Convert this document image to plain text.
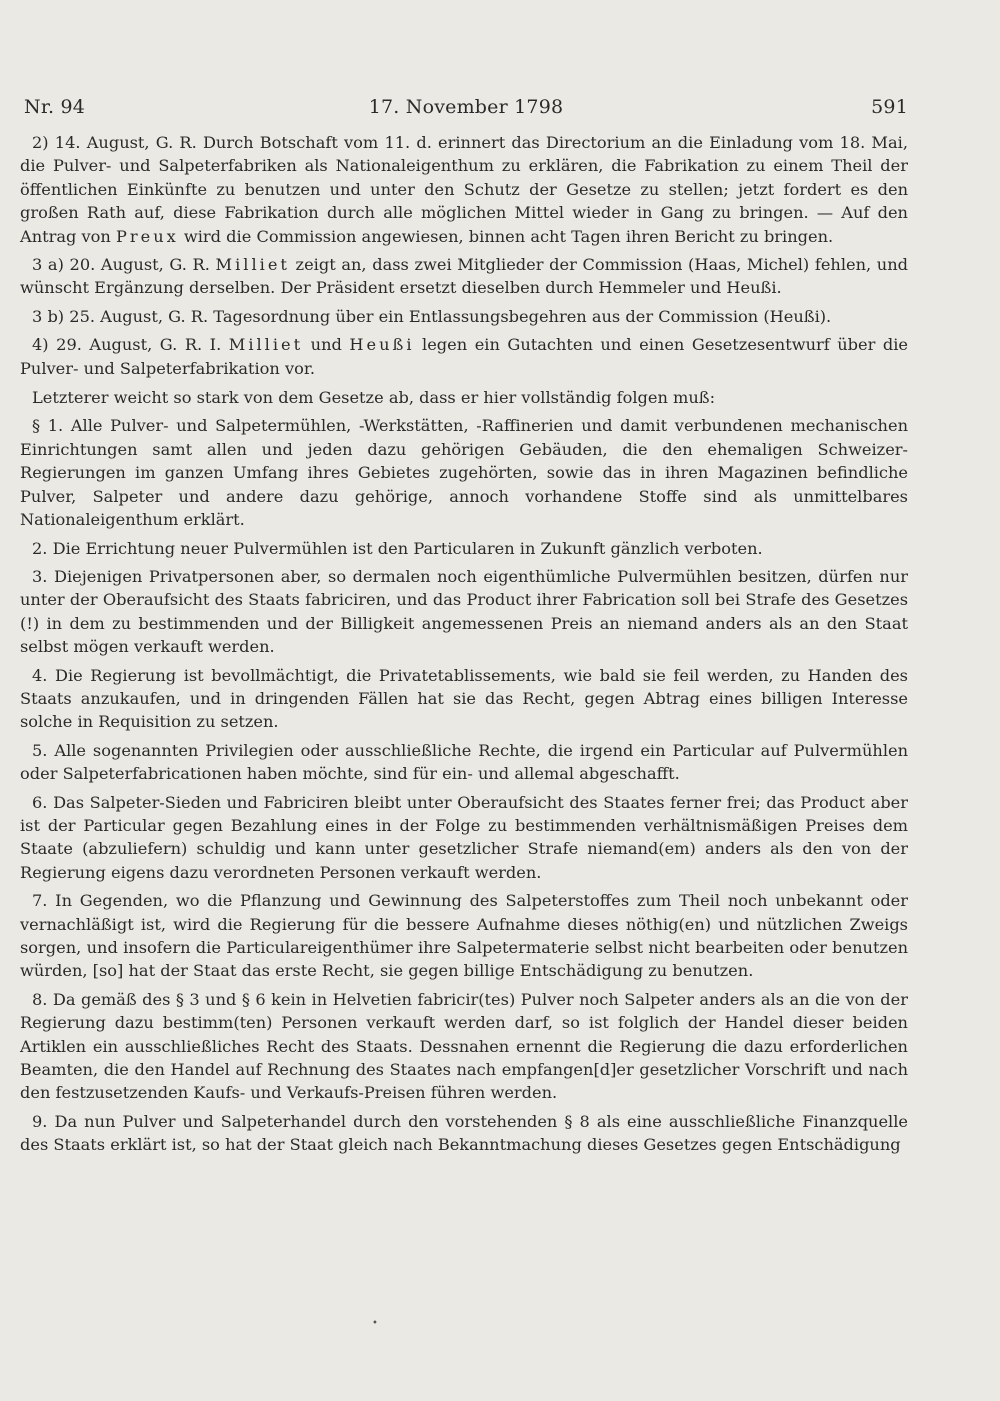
Nr. 94	17. November 1798	591

2) 14. August, G. R. Durch Botschaft vom 11. d. erinnert das Directorium an die Einladung vom 18. Mai, die Pulver- und Salpeterfabriken als Nationaleigenthum zu erklären, die Fabrikation zu einem Theil der öffentlichen Einkünfte zu benutzen und unter den Schutz der Gesetze zu stellen; jetzt fordert es den großen Rath auf, diese Fabrikation durch alle möglichen Mittel wieder in Gang zu bringen. — Auf den Antrag von Preux wird die Commission angewiesen, binnen acht Tagen ihren Bericht zu bringen.

3 a) 20. August, G. R. Milliet zeigt an, dass zwei Mitglieder der Commission (Haas, Michel) fehlen, und wünscht Ergänzung derselben. Der Präsident ersetzt dieselben durch Hemmeler und Heußi.

3 b) 25. August, G. R. Tagesordnung über ein Entlassungsbegehren aus der Commission (Heußi).

4) 29. August, G. R. I. Milliet und Heußi legen ein Gutachten und einen Gesetzesentwurf über die Pulver- und Salpeterfabrikation vor.

Letzterer weicht so stark von dem Gesetze ab, dass er hier vollständig folgen muß:

§ 1. Alle Pulver- und Salpetermühlen, -Werkstätten, -Raffinerien und damit verbundenen mechanischen Einrichtungen samt allen und jeden dazu gehörigen Gebäuden, die den ehemaligen Schweizer-Regierungen im ganzen Umfang ihres Gebietes zugehörten, sowie das in ihren Magazinen befindliche Pulver, Salpeter und andere dazu gehörige, annoch vorhandene Stoffe sind als unmittelbares Nationaleigenthum erklärt.

2. Die Errichtung neuer Pulvermühlen ist den Particularen in Zukunft gänzlich verboten.

3. Diejenigen Privatpersonen aber, so dermalen noch eigenthümliche Pulvermühlen besitzen, dürfen nur unter der Oberaufsicht des Staats fabriciren, und das Product ihrer Fabrication soll bei Strafe des Gesetzes (!) in dem zu bestimmenden und der Billigkeit angemessenen Preis an niemand anders als an den Staat selbst mögen verkauft werden.

4. Die Regierung ist bevollmächtigt, die Privatetablissements, wie bald sie feil werden, zu Handen des Staats anzukaufen, und in dringenden Fällen hat sie das Recht, gegen Abtrag eines billigen Interesse solche in Requisition zu setzen.

5. Alle sogenannten Privilegien oder ausschließliche Rechte, die irgend ein Particular auf Pulvermühlen oder Salpeterfabricationen haben möchte, sind für ein- und allemal abgeschafft.

6. Das Salpeter-Sieden und Fabriciren bleibt unter Oberaufsicht des Staates ferner frei; das Product aber ist der Particular gegen Bezahlung eines in der Folge zu bestimmenden verhältnismäßigen Preises dem Staate (abzuliefern) schuldig und kann unter gesetzlicher Strafe niemand(em) anders als den von der Regierung eigens dazu verordneten Personen verkauft werden.

7. In Gegenden, wo die Pflanzung und Gewinnung des Salpeterstoffes zum Theil noch unbekannt oder vernachläßigt ist, wird die Regierung für die bessere Aufnahme dieses nöthig(en) und nützlichen Zweigs sorgen, und insofern die Particulareigenthümer ihre Salpetermaterie selbst nicht bearbeiten oder benutzen würden, [so] hat der Staat das erste Recht, sie gegen billige Entschädigung zu benutzen.

8. Da gemäß des § 3 und § 6 kein in Helvetien fabricir(tes) Pulver noch Salpeter anders als an die von der Regierung dazu bestimm(ten) Personen verkauft werden darf, so ist folglich der Handel dieser beiden Artiklen ein ausschließliches Recht des Staats. Dessnahen ernennt die Regierung die dazu erforderlichen Beamten, die den Handel auf Rechnung des Staates nach empfangen[d]er gesetzlicher Vorschrift und nach den festzusetzenden Kaufs- und Verkaufs-Preisen führen werden.

9. Da nun Pulver und Salpeterhandel durch den vorstehenden § 8 als eine ausschließliche Finanzquelle des Staats erklärt ist, so hat der Staat gleich nach Bekanntmachung dieses Gesetzes gegen Entschädigung

•
